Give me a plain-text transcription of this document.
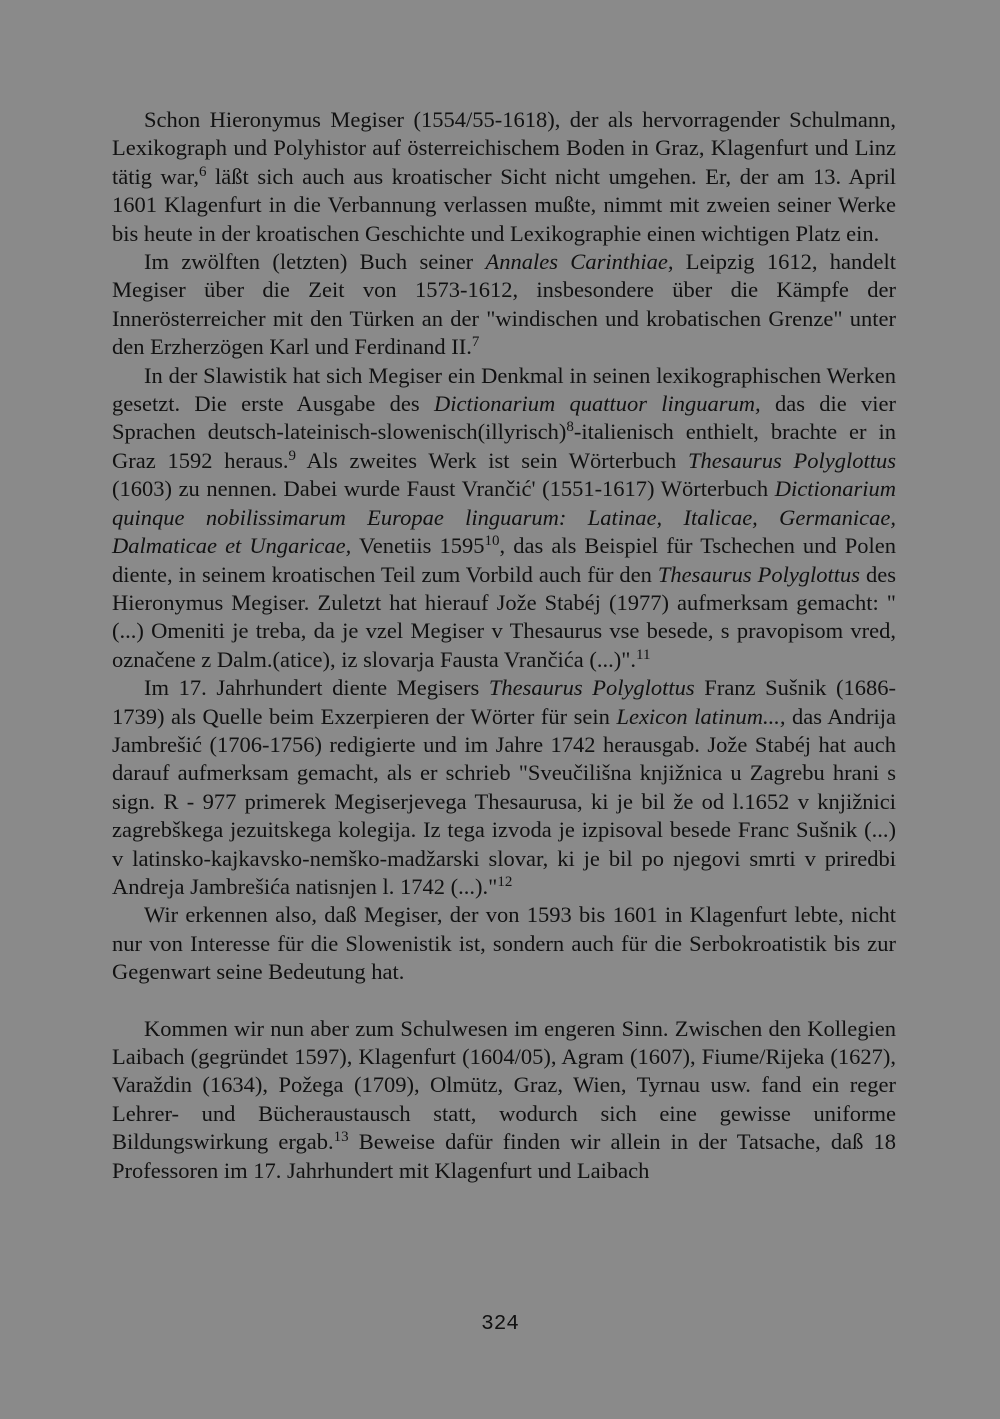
Schon Hieronymus Megiser (1554/55-1618), der als hervorragender Schulmann, Lexikograph und Polyhistor auf österreichischem Boden in Graz, Klagenfurt und Linz tätig war,$^6$ läßt sich auch aus kroatischer Sicht nicht umgehen. Er, der am 13. April 1601 Klagenfurt in die Verbannung verlassen mußte, nimmt mit zweien seiner Werke bis heute in der kroatischen Geschichte und Lexikographie einen wichtigen Platz ein.

Im zwölften (letzten) Buch seiner Annales Carinthiae, Leipzig 1612, handelt Megiser über die Zeit von 1573-1612, insbesondere über die Kämpfe der Innerösterreicher mit den Türken an der "windischen und krobatischen Grenze" unter den Erzherzögen Karl und Ferdinand II.$^7$

In der Slawistik hat sich Megiser ein Denkmal in seinen lexikographischen Werken gesetzt. Die erste Ausgabe des Dictionarium quattuor linguarum, das die vier Sprachen deutsch-lateinisch-slowenisch(illyrisch)$^8$-italienisch enthielt, brachte er in Graz 1592 heraus.$^9$ Als zweites Werk ist sein Wörterbuch Thesaurus Polyglottus (1603) zu nennen. Dabei wurde Faust Vrančić' (1551-1617) Wörterbuch Dictionarium quinque nobilissimarum Europae linguarum: Latinae, Italicae, Germanicae, Dalmaticae et Ungaricae, Venetiis 1595$^{10}$, das als Beispiel für Tschechen und Polen diente, in seinem kroatischen Teil zum Vorbild auch für den Thesaurus Polyglottus des Hieronymus Megiser. Zuletzt hat hierauf Jože Stabéj (1977) aufmerksam gemacht: "(...) Omeniti je treba, da je vzel Megiser v Thesaurus vse besede, s pravopisom vred, označene z Dalm.(atice), iz slovarja Fausta Vrančića (...)".$^{11}$

Im 17. Jahrhundert diente Megisers Thesaurus Polyglottus Franz Sušnik (1686-1739) als Quelle beim Exzerpieren der Wörter für sein Lexicon latinum..., das Andrija Jambrešić (1706-1756) redigierte und im Jahre 1742 herausgab. Jože Stabéj hat auch darauf aufmerksam gemacht, als er schrieb "Sveučilišna knjižnica u Zagrebu hrani s sign. R - 977 primerek Megiserjevega Thesaurusa, ki je bil že od l.1652 v knjižnici zagrebškega jezuitskega kolegija. Iz tega izvoda je izpisoval besede Franc Sušnik (...) v latinsko-kajkavsko-nemško-madžarski slovar, ki je bil po njegovi smrti v priredbi Andreja Jambrešića natisnjen l. 1742 (...)."$^{12}$

Wir erkennen also, daß Megiser, der von 1593 bis 1601 in Klagenfurt lebte, nicht nur von Interesse für die Slowenistik ist, sondern auch für die Serbokroatistik bis zur Gegenwart seine Bedeutung hat.

Kommen wir nun aber zum Schulwesen im engeren Sinn. Zwischen den Kollegien Laibach (gegründet 1597), Klagenfurt (1604/05), Agram (1607), Fiume/Rijeka (1627), Varaždin (1634), Požega (1709), Olmütz, Graz, Wien, Tyrnau usw. fand ein reger Lehrer- und Bücheraustausch statt, wodurch sich eine gewisse uniforme Bildungswirkung ergab.$^{13}$ Beweise dafür finden wir allein in der Tatsache, daß 18 Professoren im 17. Jahrhundert mit Klagenfurt und Laibach

324
